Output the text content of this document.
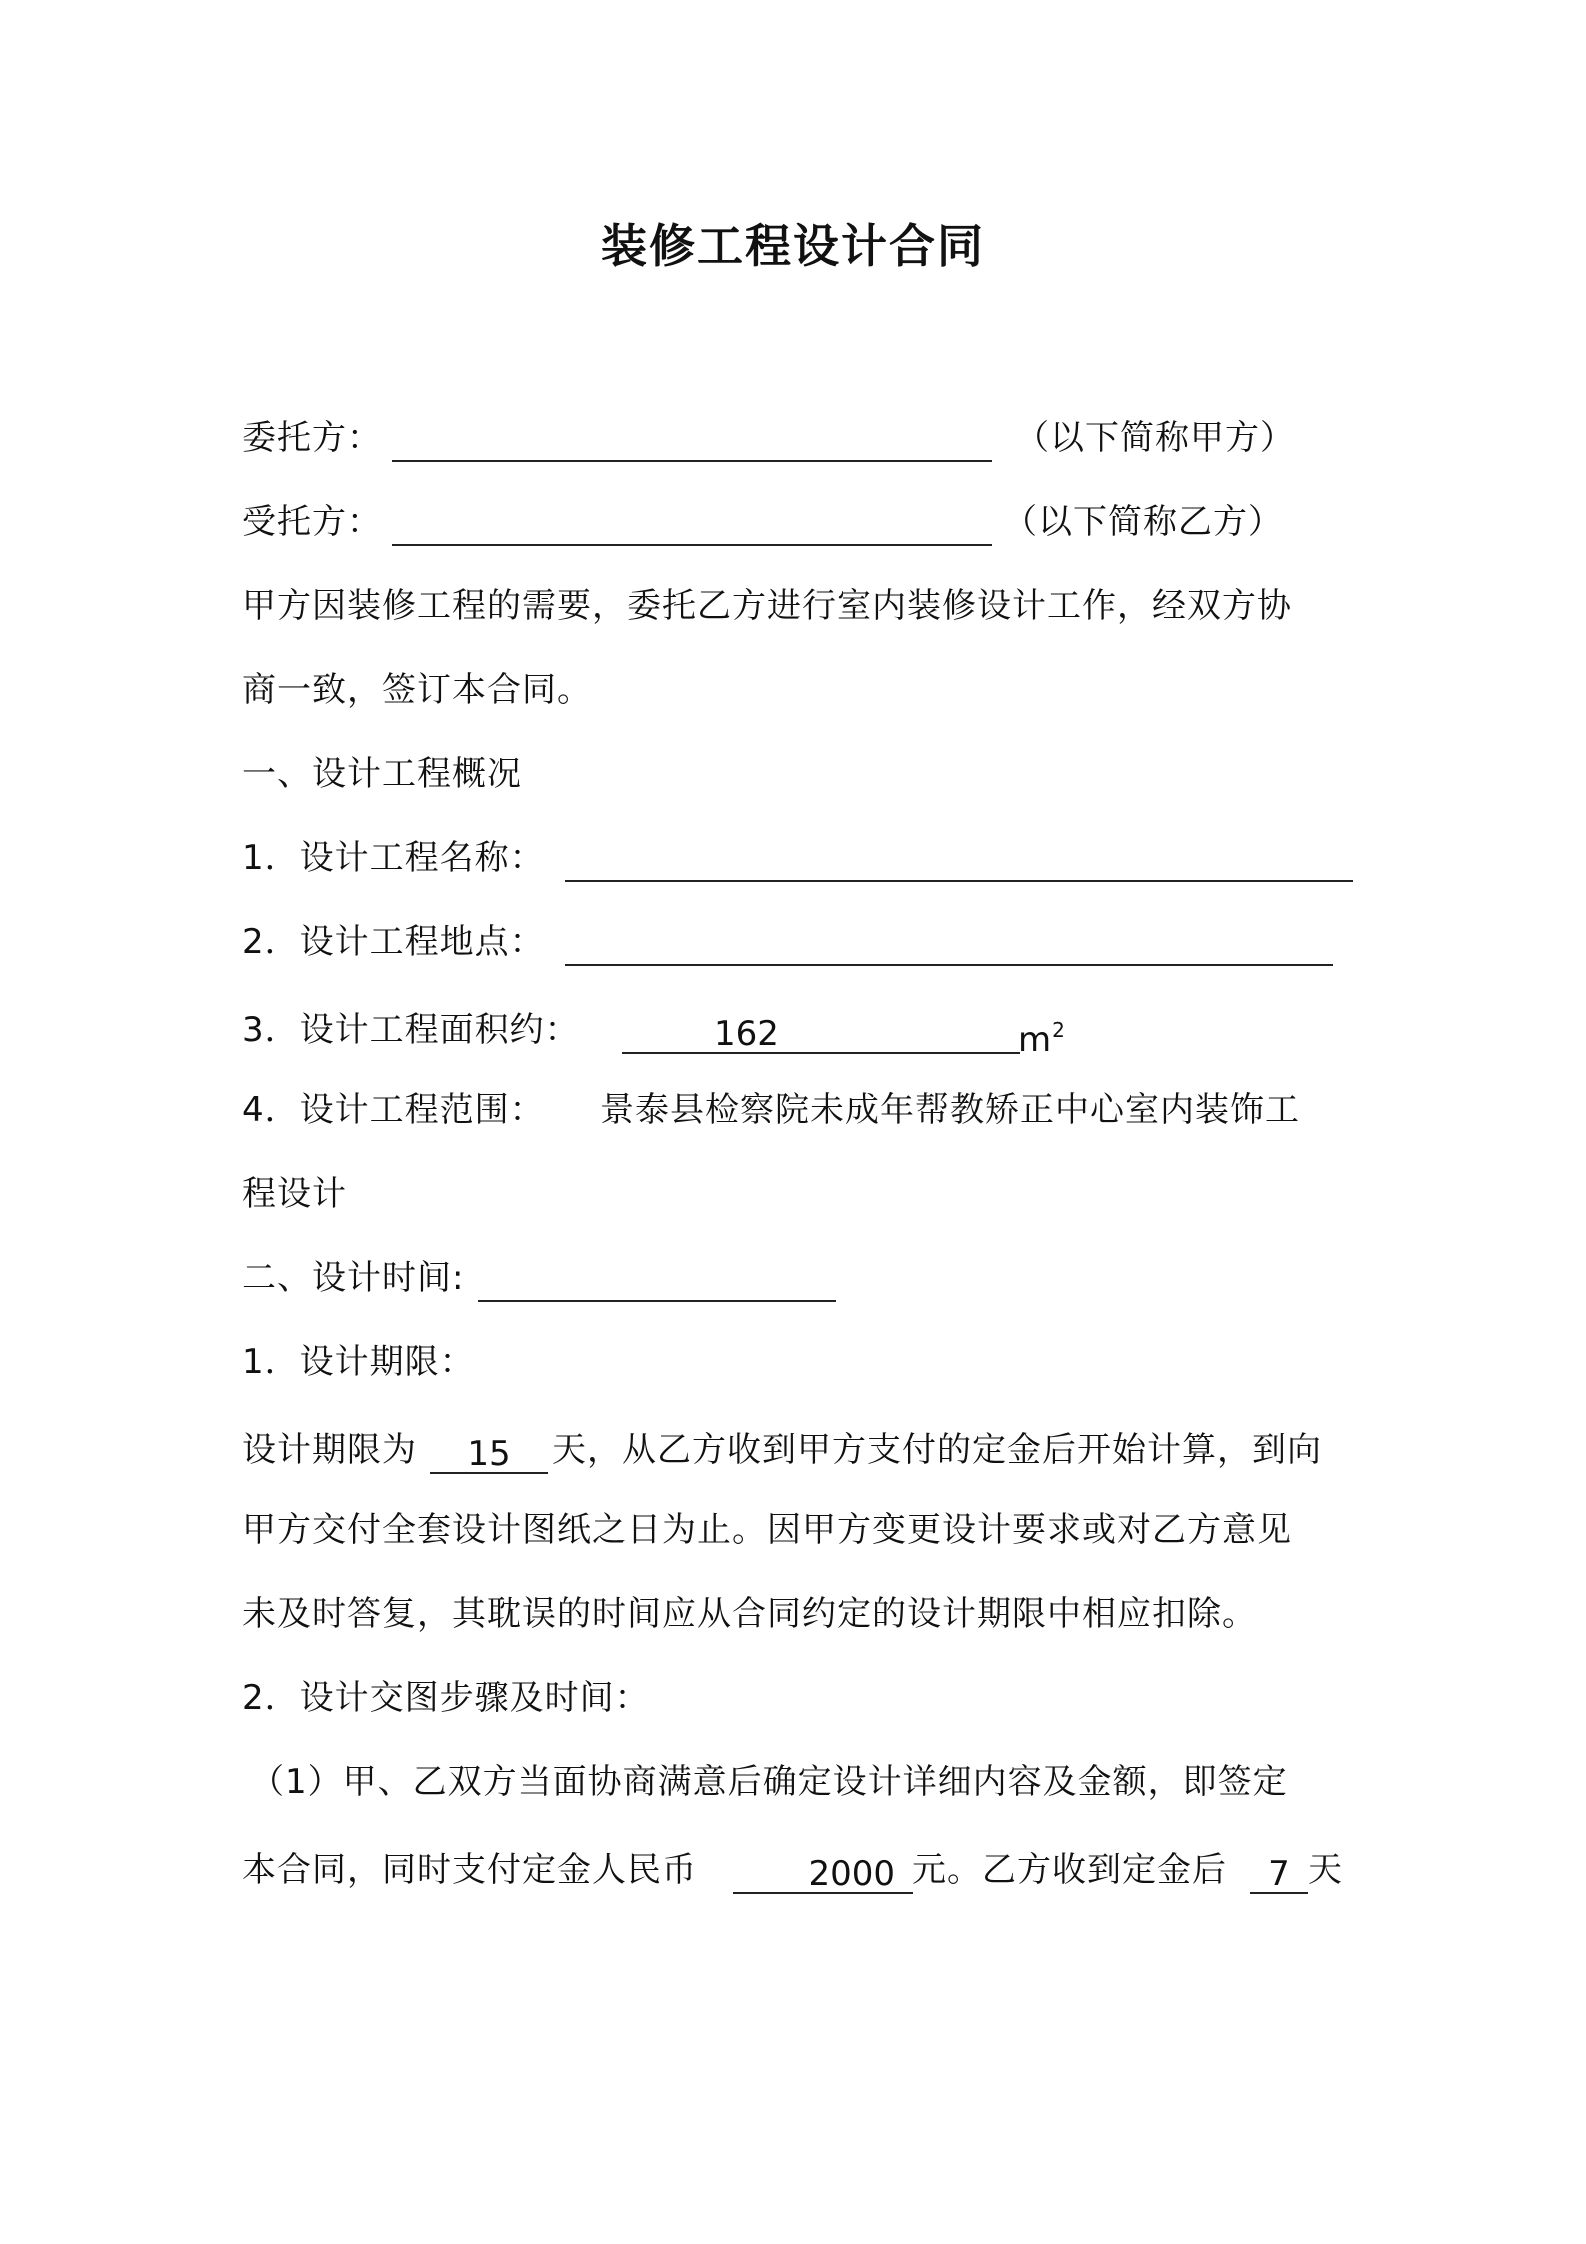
装修工程设计合同
委托方：	（以下简称甲方）
受托方：	（以下简称乙方）
甲方因装修工程的需要，委托乙方进行室内装修设计工作，经双方协
商一致，签订本合同。
一、设计工程概况
1．设计工程名称：
2．设计工程地点：
3．设计工程面积约：	162	$m^2$
4．设计工程范围： 景泰县检察院未成年帮教矫正中心室内装饰工
程设计
二、设计时间:
1．设计期限：
设计期限为	15	天，从乙方收到甲方支付的定金后开始计算，到向
甲方交付全套设计图纸之日为止。因甲方变更设计要求或对乙方意见
未及时答复，其耽误的时间应从合同约定的设计期限中相应扣除。
2．设计交图步骤及时间：
（1）甲、乙双方当面协商满意后确定设计详细内容及金额，即签定
本合同，同时支付定金人民币	2000 元。乙方收到定金后	7 天
